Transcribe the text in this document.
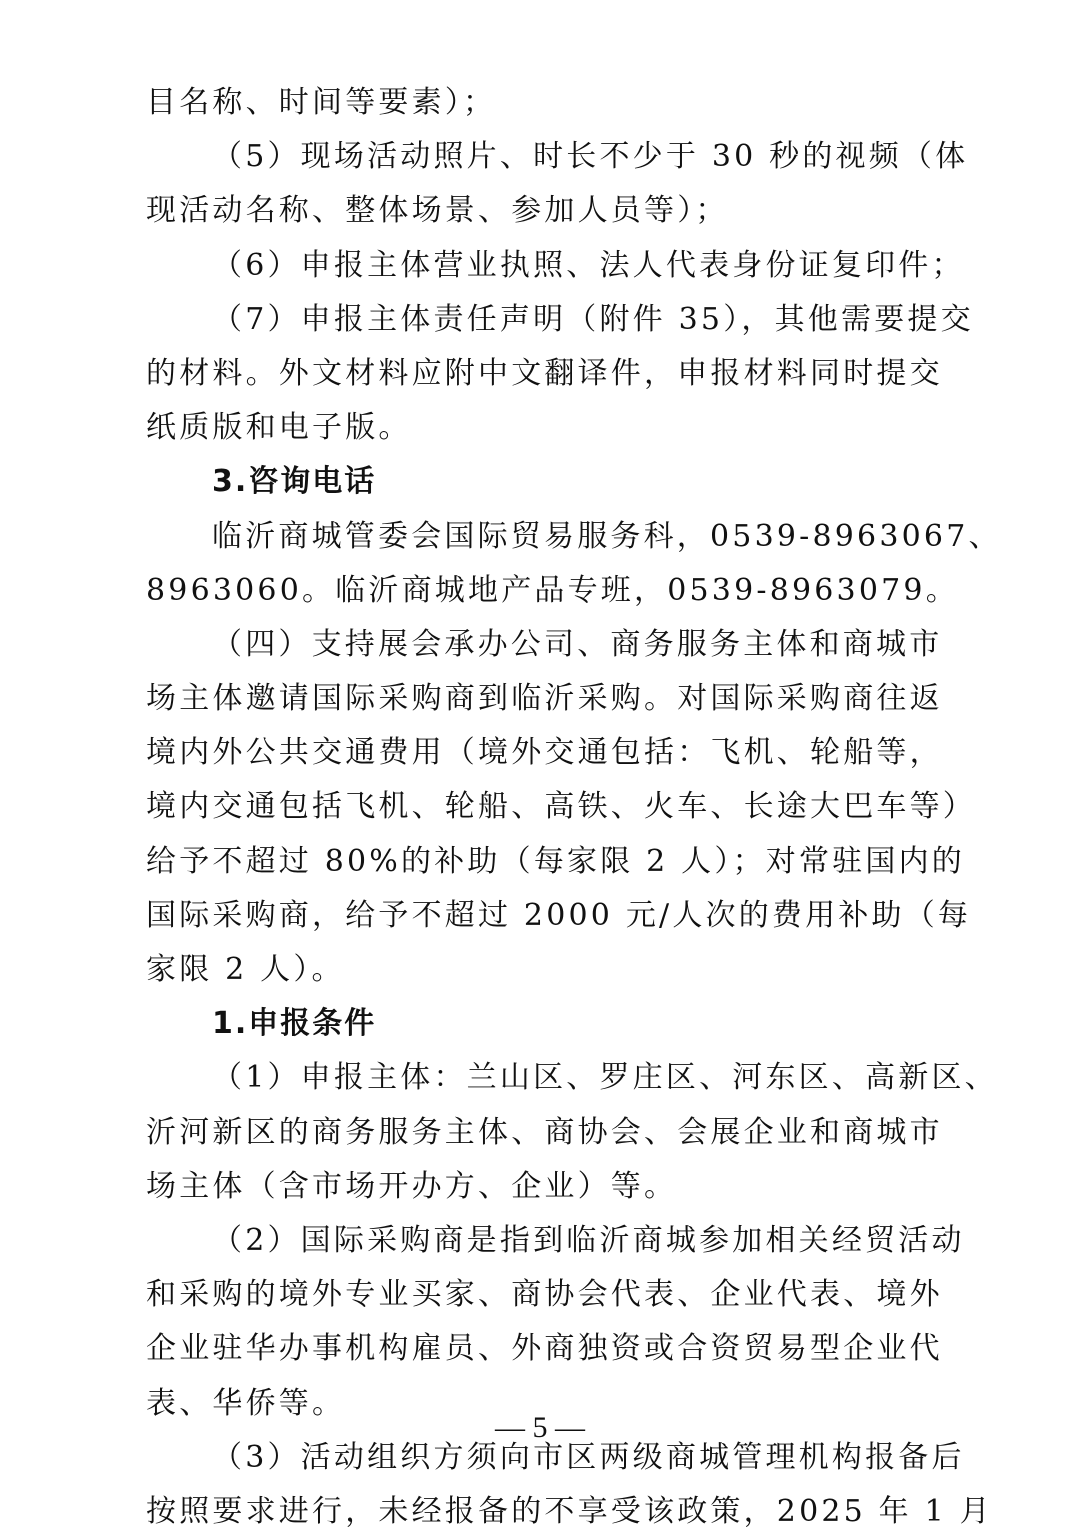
目名称、时间等要素）；
（5）现场活动照片、时长不少于 30 秒的视频（体
现活动名称、整体场景、参加人员等）；
（6）申报主体营业执照、法人代表身份证复印件；
（7）申报主体责任声明（附件 35），其他需要提交
的材料。外文材料应附中文翻译件，申报材料同时提交
纸质版和电子版。
3.咨询电话
临沂商城管委会国际贸易服务科，0539-8963067、
8963060。临沂商城地产品专班，0539-8963079。
（四）支持展会承办公司、商务服务主体和商城市
场主体邀请国际采购商到临沂采购。对国际采购商往返
境内外公共交通费用（境外交通包括：飞机、轮船等，
境内交通包括飞机、轮船、高铁、火车、长途大巴车等）
给予不超过 80%的补助（每家限 2 人）；对常驻国内的
国际采购商，给予不超过 2000 元/人次的费用补助（每
家限 2 人）。
1.申报条件
（1）申报主体：兰山区、罗庄区、河东区、高新区、
沂河新区的商务服务主体、商协会、会展企业和商城市
场主体（含市场开办方、企业）等。
（2）国际采购商是指到临沂商城参加相关经贸活动
和采购的境外专业买家、商协会代表、企业代表、境外
企业驻华办事机构雇员、外商独资或合资贸易型企业代
表、华侨等。
（3）活动组织方须向市区两级商城管理机构报备后
按照要求进行，未经报备的不享受该政策，2025 年 1 月
— 5 —
